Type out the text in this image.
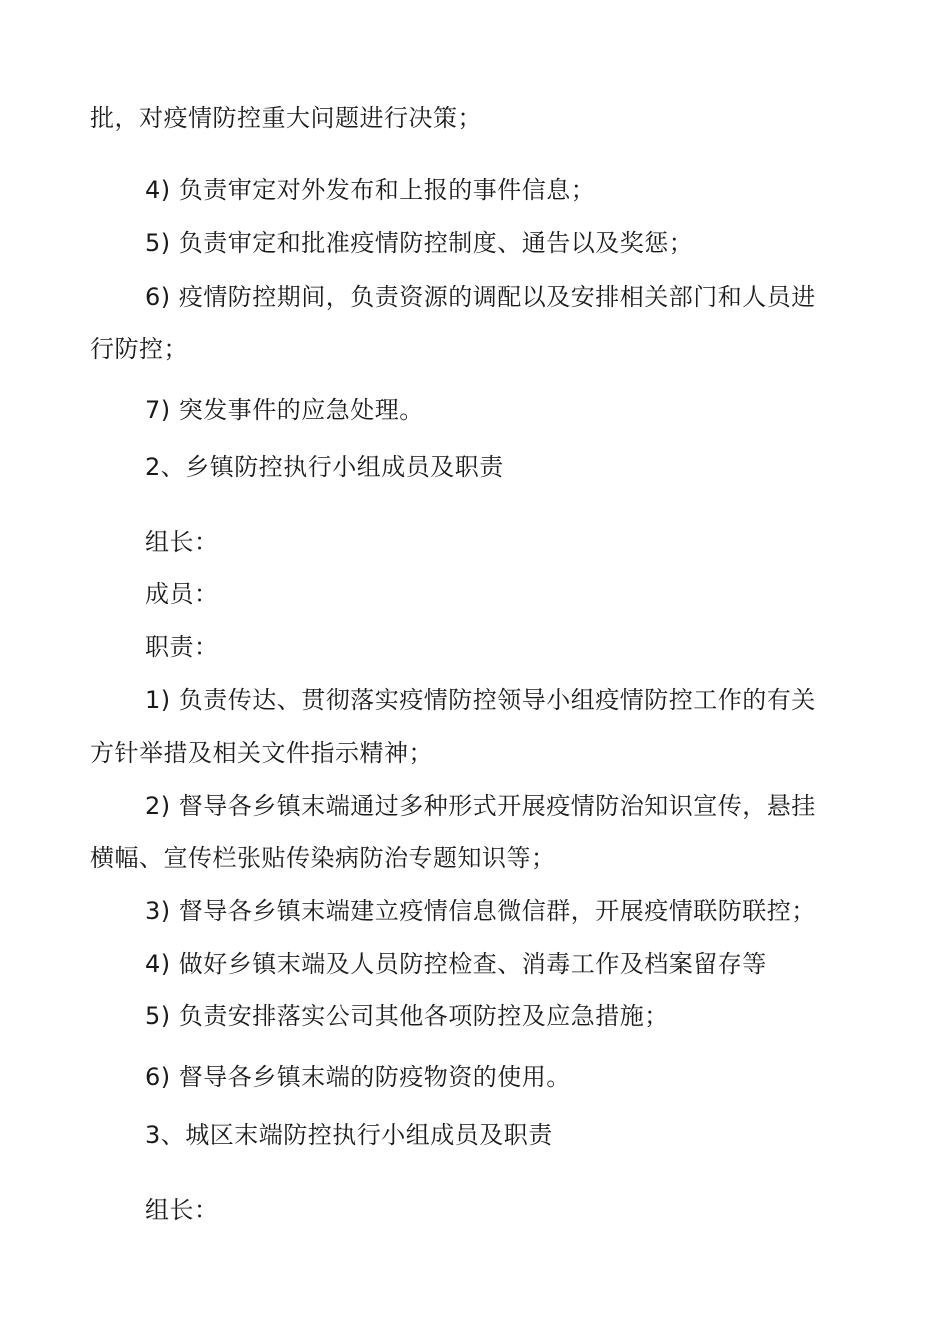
批，对疫情防控重大问题进行决策；
4) 负责审定对外发布和上报的事件信息；
5) 负责审定和批准疫情防控制度、通告以及奖惩；
6) 疫情防控期间，负责资源的调配以及安排相关部门和人员进
行防控；
7) 突发事件的应急处理。
2、乡镇防控执行小组成员及职责
组长：
成员：
职责：
1) 负责传达、贯彻落实疫情防控领导小组疫情防控工作的有关
方针举措及相关文件指示精神；
2) 督导各乡镇末端通过多种形式开展疫情防治知识宣传，悬挂
横幅、宣传栏张贴传染病防治专题知识等；
3) 督导各乡镇末端建立疫情信息微信群，开展疫情联防联控；
4) 做好乡镇末端及人员防控检查、消毒工作及档案留存等
5) 负责安排落实公司其他各项防控及应急措施；
6) 督导各乡镇末端的防疫物资的使用。
3、城区末端防控执行小组成员及职责
组长：
